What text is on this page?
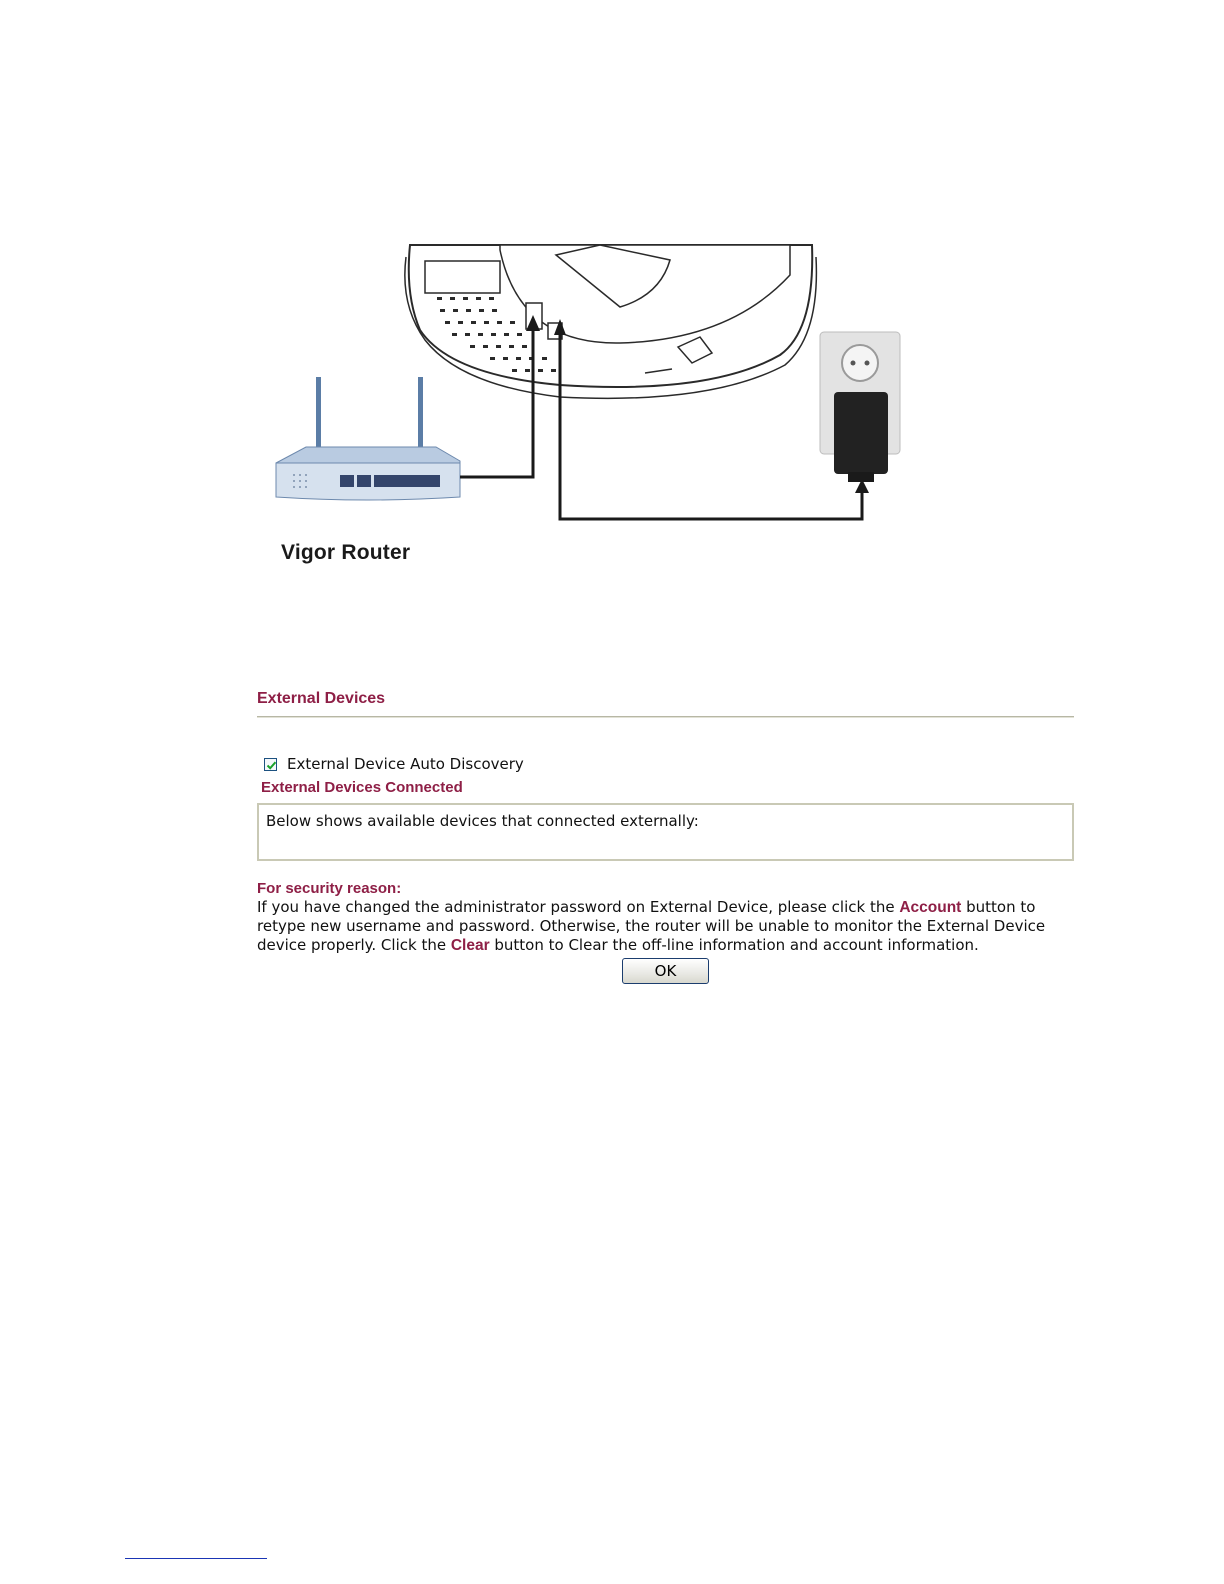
Vigor Router
External Devices
External Device Auto Discovery
External Devices Connected
Below shows available devices that connected externally:
For security reason:
If you have changed the administrator password on External Device, please click the Account button to retype new username and password. Otherwise, the router will be unable to monitor the External Device device properly. Click the Clear button to Clear the off-line information and account information.
OK
